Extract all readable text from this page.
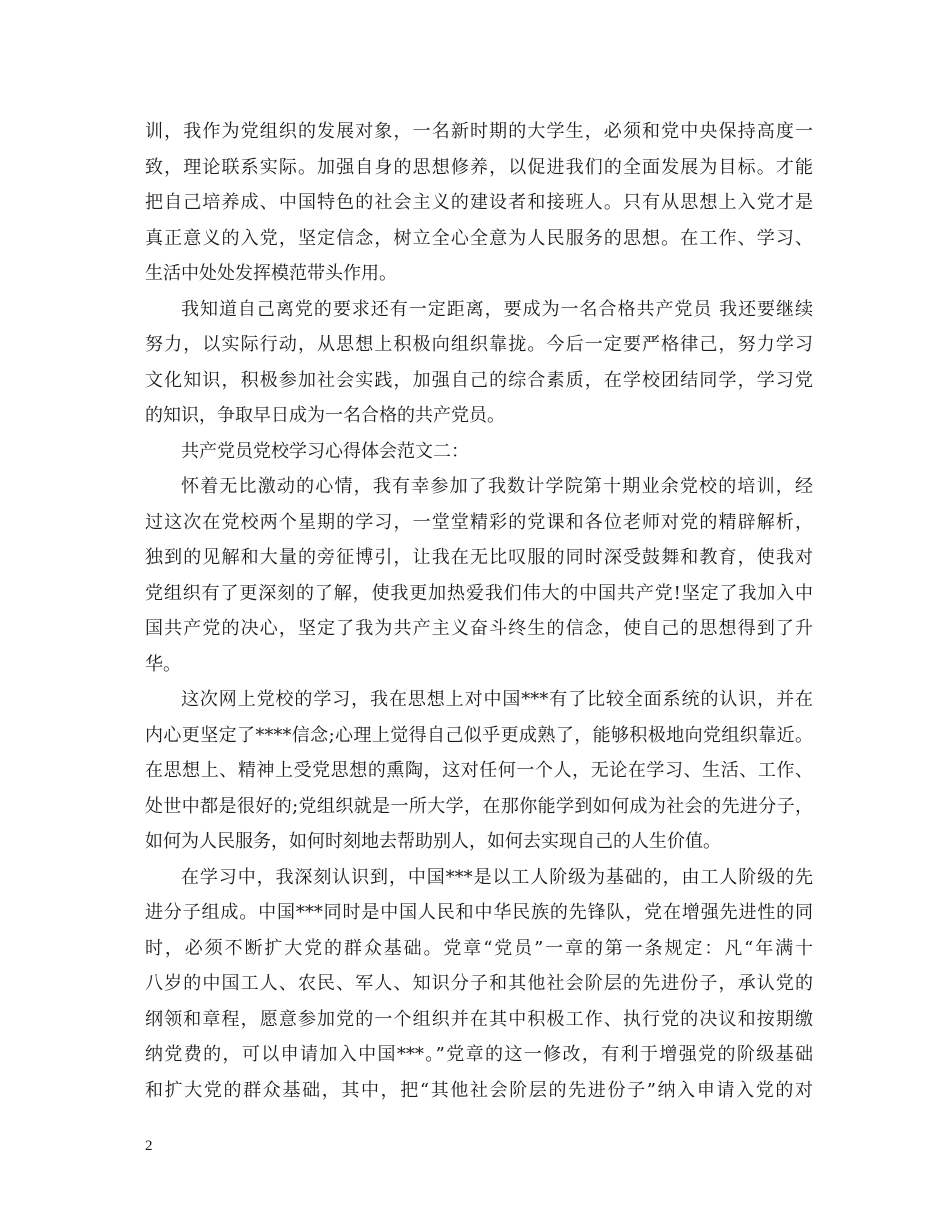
训，我作为党组织的发展对象，一名新时期的大学生，必须和党中央保持高度一
致，理论联系实际。加强自身的思想修养，以促进我们的全面发展为目标。才能
把自己培养成、中国特色的社会主义的建设者和接班人。只有从思想上入党才是
真正意义的入党，坚定信念，树立全心全意为人民服务的思想。在工作、学习、
生活中处处发挥模范带头作用。
我知道自己离党的要求还有一定距离，要成为一名合格共产党员 我还要继续
努力，以实际行动，从思想上积极向组织靠拢。今后一定要严格律己，努力学习
文化知识，积极参加社会实践，加强自己的综合素质，在学校团结同学，学习党
的知识，争取早日成为一名合格的共产党员。
共产党员党校学习心得体会范文二：
怀着无比激动的心情，我有幸参加了我数计学院第十期业余党校的培训，经
过这次在党校两个星期的学习，一堂堂精彩的党课和各位老师对党的精辟解析，
独到的见解和大量的旁征博引，让我在无比叹服的同时深受鼓舞和教育，使我对
党组织有了更深刻的了解，使我更加热爱我们伟大的中国共产党!坚定了我加入中
国共产党的决心，坚定了我为共产主义奋斗终生的信念，使自己的思想得到了升
华。
这次网上党校的学习，我在思想上对中国***有了比较全面系统的认识，并在
内心更坚定了****信念;心理上觉得自己似乎更成熟了，能够积极地向党组织靠近。
在思想上、精神上受党思想的熏陶，这对任何一个人，无论在学习、生活、工作、
处世中都是很好的;党组织就是一所大学，在那你能学到如何成为社会的先进分子，
如何为人民服务，如何时刻地去帮助别人，如何去实现自己的人生价值。
在学习中，我深刻认识到，中国***是以工人阶级为基础的，由工人阶级的先
进分子组成。中国***同时是中国人民和中华民族的先锋队，党在增强先进性的同
时，必须不断扩大党的群众基础。党章“党员”一章的第一条规定：凡“年满十
八岁的中国工人、农民、军人、知识分子和其他社会阶层的先进份子，承认党的
纲领和章程，愿意参加党的一个组织并在其中积极工作、执行党的决议和按期缴
纳党费的，可以申请加入中国***。”党章的这一修改，有利于增强党的阶级基础
和扩大党的群众基础，其中，把“其他社会阶层的先进份子”纳入申请入党的对
2
